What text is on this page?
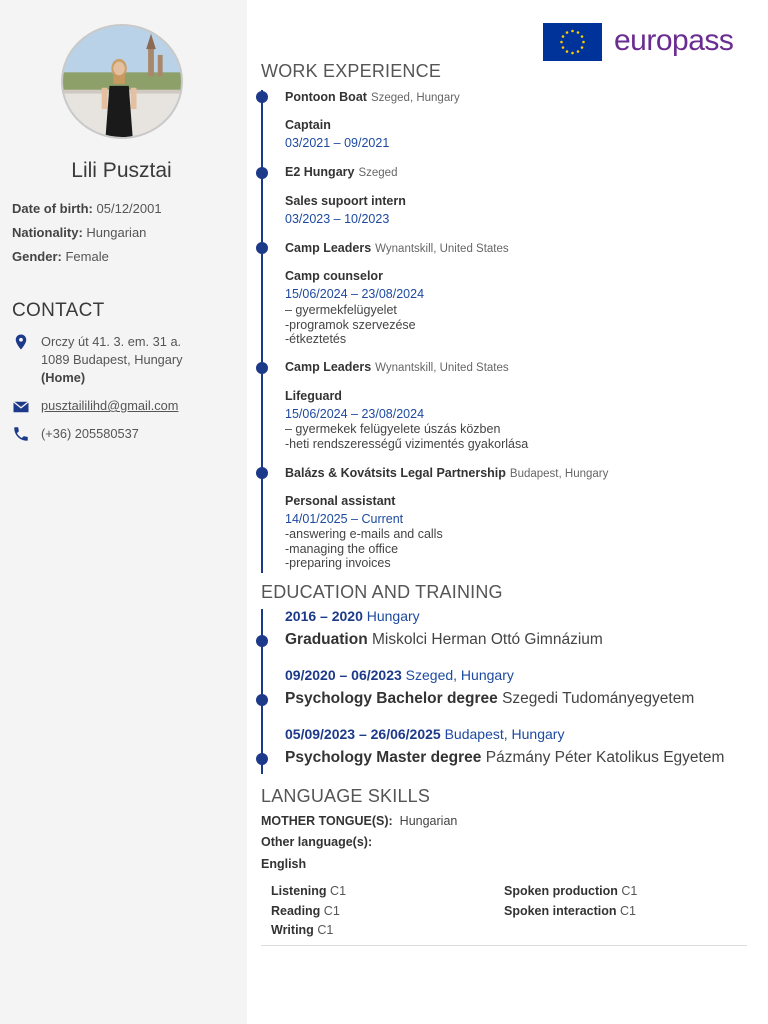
Lili Pusztai
Date of birth: 05/12/2001
Nationality: Hungarian
Gender: Female
CONTACT
Orczy út 41. 3. em. 31 a.
1089 Budapest, Hungary
(Home)
pusztaililihd@gmail.com
(+36) 205580537
europass
WORK EXPERIENCE
Pontoon Boat Szeged, Hungary
Captain
03/2021 – 09/2021
E2 Hungary Szeged
Sales supoort intern
03/2023 – 10/2023
Camp Leaders Wynantskill, United States
Camp counselor
15/06/2024 – 23/08/2024
– gyermekfelügyelet
-programok szervezése
-étkeztetés
Camp Leaders Wynantskill, United States
Lifeguard
15/06/2024 – 23/08/2024
– gyermekek felügyelete úszás közben
-heti rendszerességű vizimentés gyakorlása
Balázs & Kovátsits Legal Partnership Budapest, Hungary
Personal assistant
14/01/2025 – Current
-answering e-mails and calls
-managing the office
-preparing invoices
EDUCATION AND TRAINING
2016 – 2020 Hungary
Graduation Miskolci Herman Ottó Gimnázium
09/2020 – 06/2023 Szeged, Hungary
Psychology Bachelor degree Szegedi Tudományegyetem
05/09/2023 – 26/06/2025 Budapest, Hungary
Psychology Master degree Pázmány Péter Katolikus Egyetem
LANGUAGE SKILLS
MOTHER TONGUE(S): Hungarian
Other language(s):
English
Listening C1
Reading C1
Writing C1
Spoken production C1
Spoken interaction C1
